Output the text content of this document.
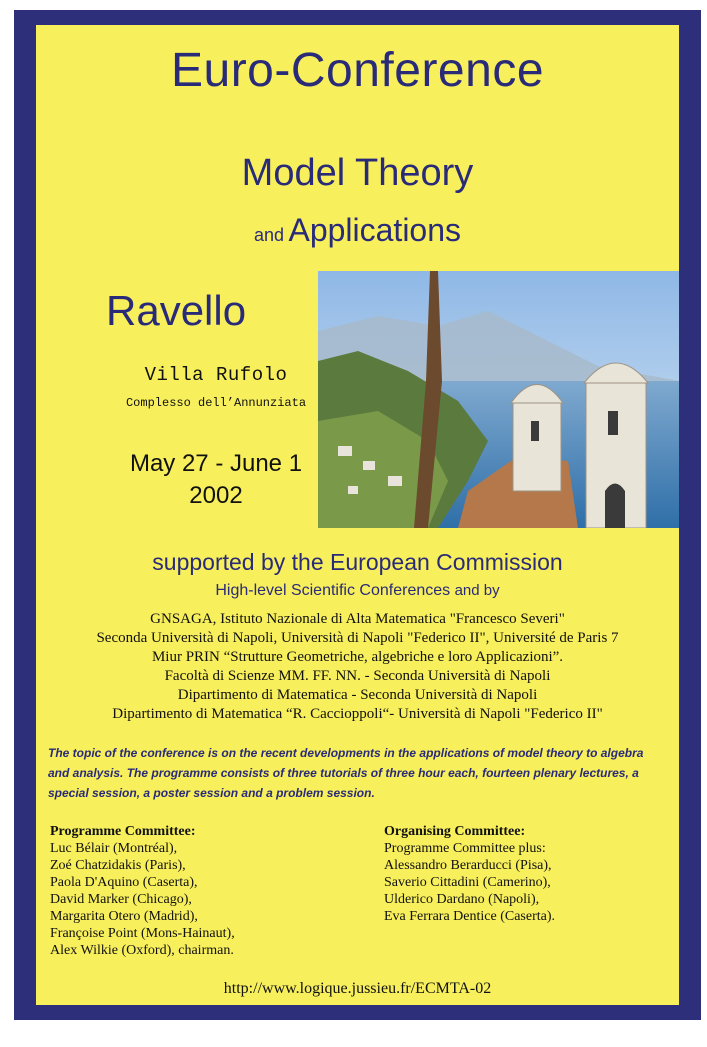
Euro-Conference
Model Theory
and Applications
Ravello
Villa Rufolo
Complesso dell’Annunziata
May 27 - June 1
2002
supported by the European Commission
High-level Scientific Conferences and by
GNSAGA, Istituto Nazionale di Alta Matematica "Francesco Severi"
Seconda Università di Napoli, Università di Napoli "Federico II", Université de Paris 7
Miur PRIN “Strutture Geometriche, algebriche e loro Applicazioni”.
Facoltà di Scienze MM. FF. NN. - Seconda Università di Napoli
Dipartimento di Matematica - Seconda Università di Napoli
Dipartimento di Matematica “R. Caccioppoli“- Università di Napoli "Federico II"
The topic of the conference is on the recent developments in the applications of model theory to algebra and analysis. The programme consists of three tutorials of three hour each, fourteen plenary lectures, a special session, a poster session and a problem session.
Programme Committee:
Luc Bélair (Montréal),
Zoé Chatzidakis (Paris),
Paola D'Aquino (Caserta),
David Marker (Chicago),
Margarita Otero (Madrid),
Françoise Point (Mons-Hainaut),
Alex Wilkie (Oxford), chairman.
Organising Committee:
Programme Committee plus:
Alessandro Berarducci (Pisa),
Saverio Cittadini (Camerino),
Ulderico Dardano (Napoli),
Eva Ferrara Dentice (Caserta).
http://www.logique.jussieu.fr/ECMTA-02
